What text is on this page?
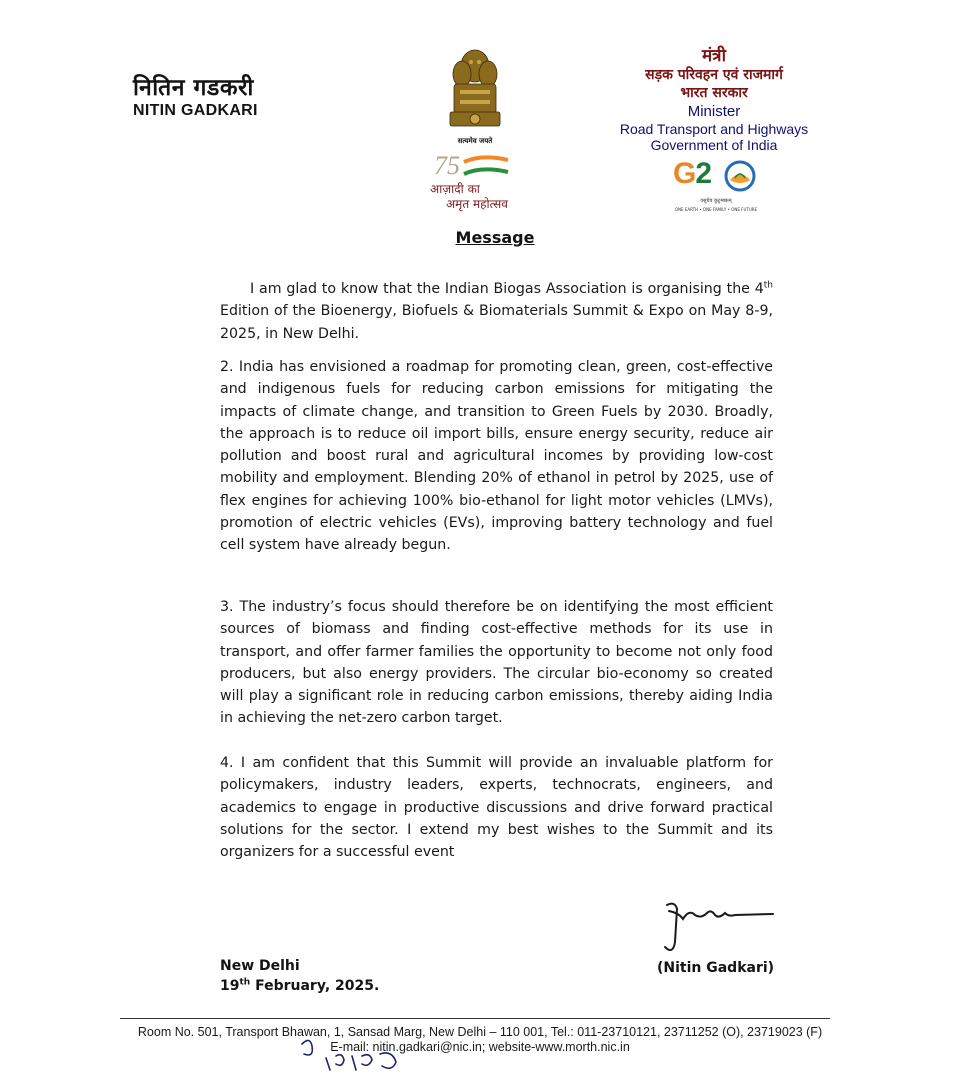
नितिन गडकरी
NITIN GADKARI
सत्यमेव जयते
75
आज़ादी का
अमृत महोत्सव
मंत्री
सड़क परिवहन एवं राजमार्ग
भारत सरकार
Minister
Road Transport and Highways
Government of India
G2
वसुधैव कुटुम्बकम्
ONE EARTH • ONE FAMILY • ONE FUTURE
Message
I am glad to know that the Indian Biogas Association is organising the 4th Edition of the Bioenergy, Biofuels & Biomaterials Summit & Expo on May 8-9, 2025, in New Delhi.
2. India has envisioned a roadmap for promoting clean, green, cost-effective and indigenous fuels for reducing carbon emissions for mitigating the impacts of climate change, and transition to Green Fuels by 2030. Broadly, the approach is to reduce oil import bills, ensure energy security, reduce air pollution and boost rural and agricultural incomes by providing low-cost mobility and employment. Blending 20% of ethanol in petrol by 2025, use of flex engines for achieving 100% bio-ethanol for light motor vehicles (LMVs), promotion of electric vehicles (EVs), improving battery technology and fuel cell system have already begun.
3. The industry’s focus should therefore be on identifying the most efficient sources of biomass and finding cost-effective methods for its use in transport, and offer farmer families the opportunity to become not only food producers, but also energy providers. The circular bio-economy so created will play a significant role in reducing carbon emissions, thereby aiding India in achieving the net-zero carbon target.
4. I am confident that this Summit will provide an invaluable platform for policymakers, industry leaders, experts, technocrats, engineers, and academics to engage in productive discussions and drive forward practical solutions for the sector. I extend my best wishes to the Summit and its organizers for a successful event
(Nitin Gadkari)
New Delhi
19th February, 2025.
Room No. 501, Transport Bhawan, 1, Sansad Marg, New Delhi – 110 001, Tel.: 011-23710121, 23711252 (O), 23719023 (F)
E-mail: nitin.gadkari@nic.in; website-www.morth.nic.in
